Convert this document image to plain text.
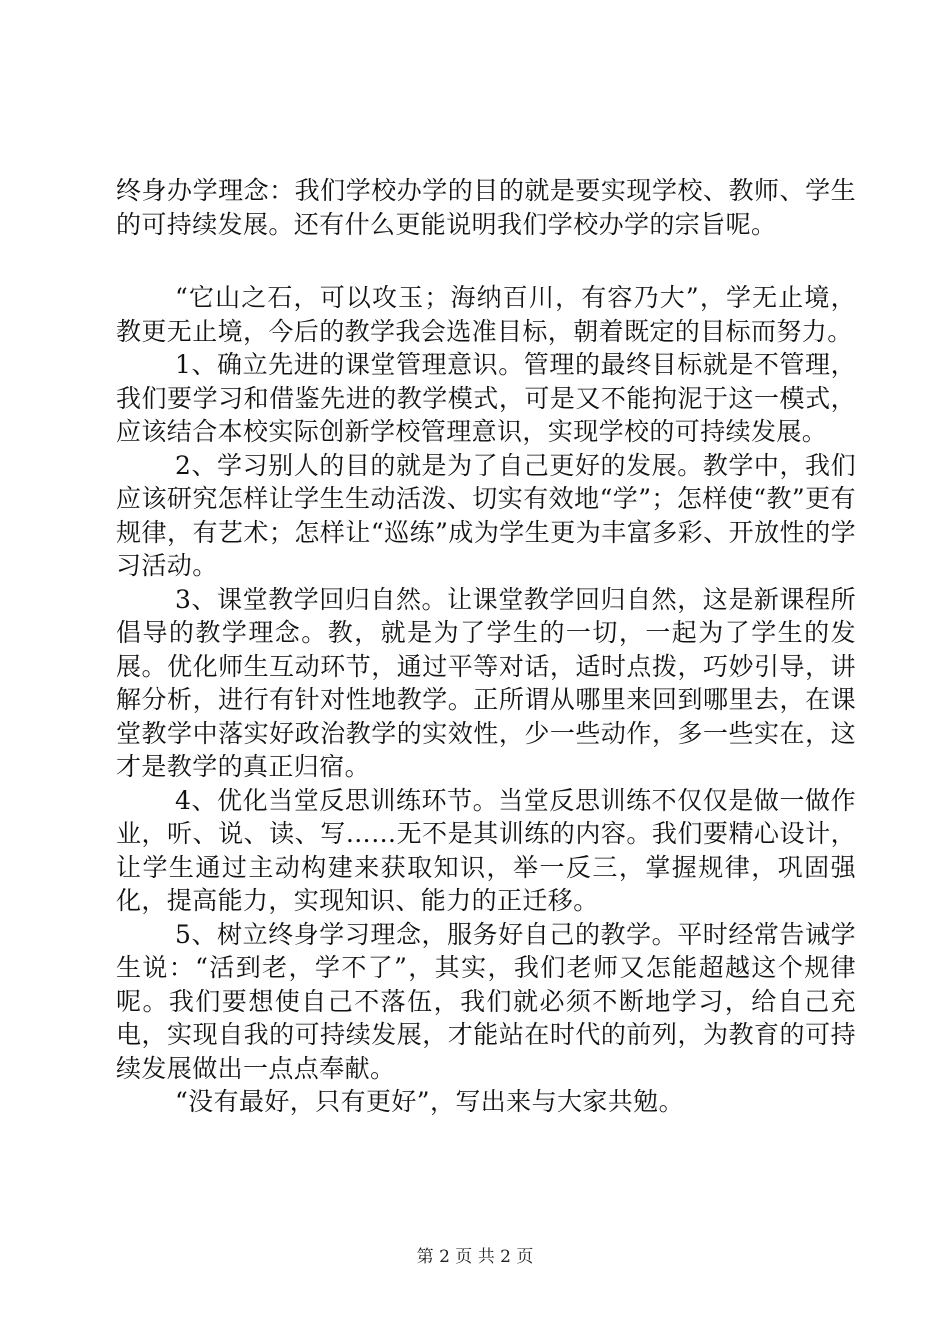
终身办学理念：我们学校办学的目的就是要实现学校、教师、学生的可持续发展。还有什么更能说明我们学校办学的宗旨呢。

“它山之石，可以攻玉；海纳百川，有容乃大”，学无止境，教更无止境，今后的教学我会选准目标，朝着既定的目标而努力。

1、确立先进的课堂管理意识。管理的最终目标就是不管理，我们要学习和借鉴先进的教学模式，可是又不能拘泥于这一模式，应该结合本校实际创新学校管理意识，实现学校的可持续发展。

2、学习别人的目的就是为了自己更好的发展。教学中，我们应该研究怎样让学生生动活泼、切实有效地“学”；怎样使“教”更有规律，有艺术；怎样让“巡练”成为学生更为丰富多彩、开放性的学习活动。

3、课堂教学回归自然。让课堂教学回归自然，这是新课程所倡导的教学理念。教，就是为了学生的一切，一起为了学生的发展。优化师生互动环节，通过平等对话，适时点拨，巧妙引导，讲解分析，进行有针对性地教学。正所谓从哪里来回到哪里去，在课堂教学中落实好政治教学的实效性，少一些动作，多一些实在，这才是教学的真正归宿。

4、优化当堂反思训练环节。当堂反思训练不仅仅是做一做作业，听、说、读、写……无不是其训练的内容。我们要精心设计，让学生通过主动构建来获取知识，举一反三，掌握规律，巩固强化，提高能力，实现知识、能力的正迁移。

5、树立终身学习理念，服务好自己的教学。平时经常告诫学生说：“活到老，学不了”，其实，我们老师又怎能超越这个规律呢。我们要想使自己不落伍，我们就必须不断地学习，给自己充电，实现自我的可持续发展，才能站在时代的前列，为教育的可持续发展做出一点点奉献。

“没有最好，只有更好”，写出来与大家共勉。

第 2 页 共 2 页
